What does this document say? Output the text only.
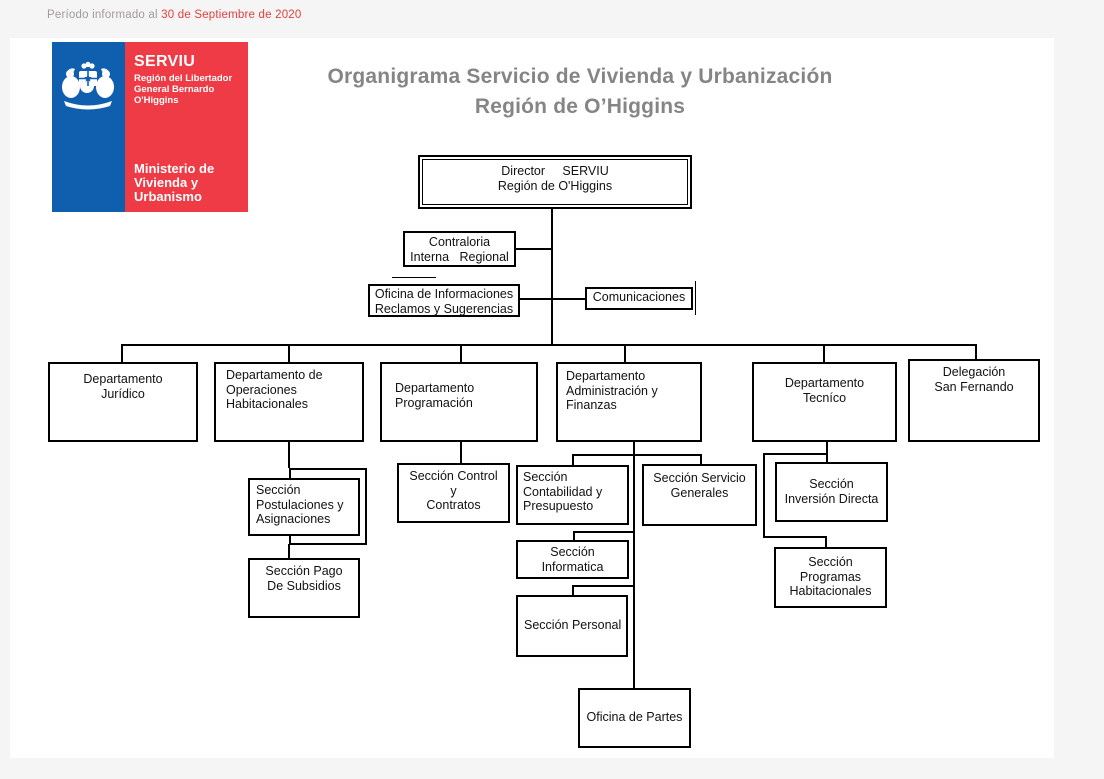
Período informado al 30 de Septiembre de 2020
SERVIU
Región del Libertador
General Bernardo
O'Higgins
Ministerio de
Vivienda y
Urbanismo
Organigrama Servicio de Vivienda y Urbanización
Región de O’Higgins

Director     SERVIU
Región de O'Higgins

Contraloria
Interna   Regional
Oficina de Informaciones
Reclamos y Sugerencias
Comunicaciones
Departamento
Jurídico
Departamento de
Operaciones
Habitacionales
Departamento
Programación
Departamento
Administración y
Finanzas
Departamento
Tecníco
Delegación
San Fernando
Sección
Postulaciones y
Asignaciones
Sección Pago
De Subsidios
Sección Control
y
Contratos
Sección
Contabilidad y
Presupuesto
Sección Servicio
Generales
Sección
Informatica
Sección Personal
Oficina de Partes
Sección
Inversión Directa
Sección
Programas
Habitacionales
